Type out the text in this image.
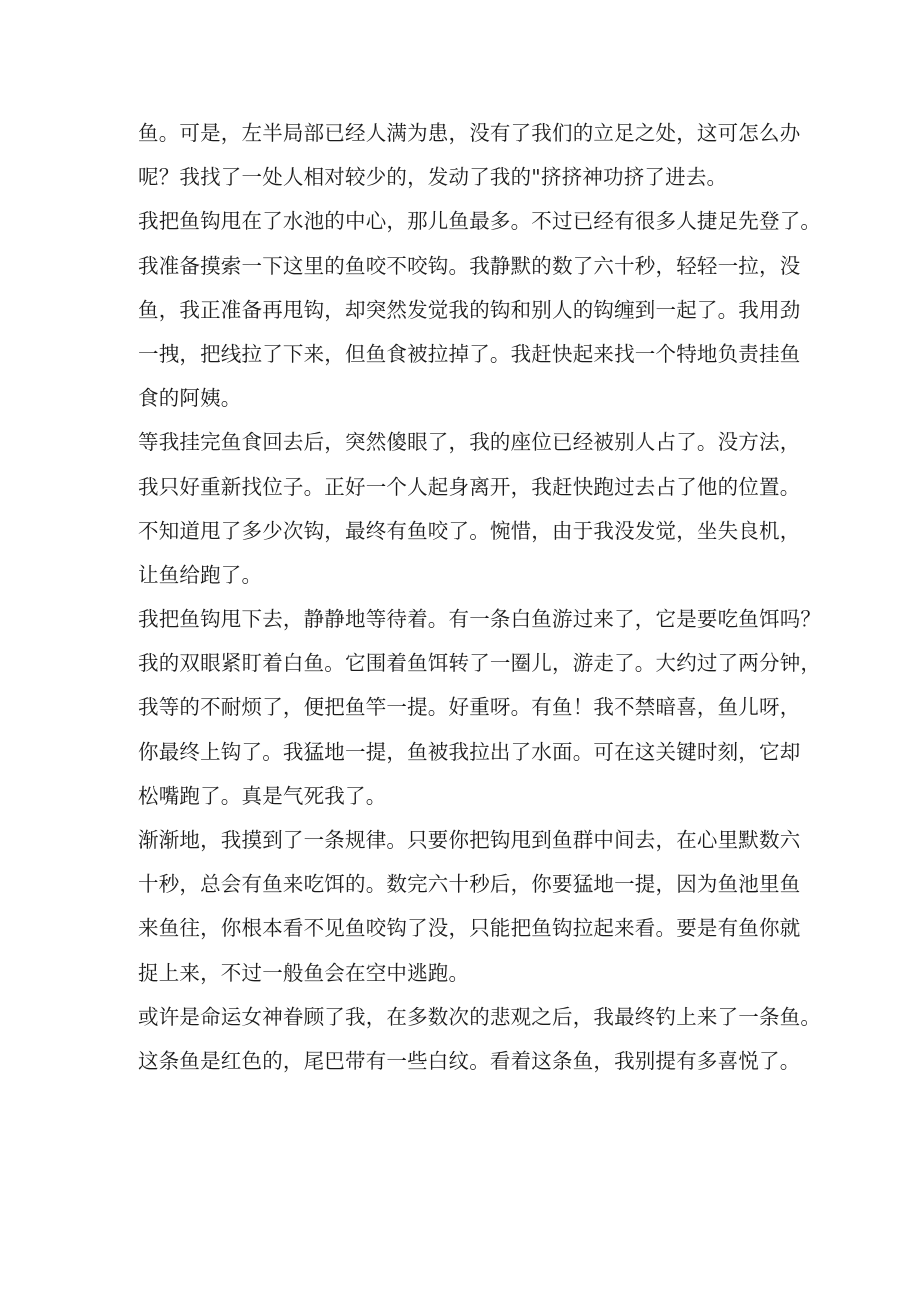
鱼。可是，左半局部已经人满为患，没有了我们的立足之处，这可怎么办
呢？我找了一处人相对较少的，发动了我的"挤挤神功挤了进去。
我把鱼钩甩在了水池的中心，那儿鱼最多。不过已经有很多人捷足先登了。
我准备摸索一下这里的鱼咬不咬钩。我静默的数了六十秒，轻轻一拉，没
鱼，我正准备再甩钩，却突然发觉我的钩和别人的钩缠到一起了。我用劲
一拽，把线拉了下来，但鱼食被拉掉了。我赶快起来找一个特地负责挂鱼
食的阿姨。
等我挂完鱼食回去后，突然傻眼了，我的座位已经被别人占了。没方法，
我只好重新找位子。正好一个人起身离开，我赶快跑过去占了他的位置。
不知道甩了多少次钩，最终有鱼咬了。惋惜，由于我没发觉，坐失良机，
让鱼给跑了。
我把鱼钩甩下去，静静地等待着。有一条白鱼游过来了，它是要吃鱼饵吗？
我的双眼紧盯着白鱼。它围着鱼饵转了一圈儿，游走了。大约过了两分钟，
我等的不耐烦了，便把鱼竿一提。好重呀。有鱼！我不禁暗喜，鱼儿呀，
你最终上钩了。我猛地一提，鱼被我拉出了水面。可在这关键时刻，它却
松嘴跑了。真是气死我了。
渐渐地，我摸到了一条规律。只要你把钩甩到鱼群中间去，在心里默数六
十秒，总会有鱼来吃饵的。数完六十秒后，你要猛地一提，因为鱼池里鱼
来鱼往，你根本看不见鱼咬钩了没，只能把鱼钩拉起来看。要是有鱼你就
捉上来，不过一般鱼会在空中逃跑。
或许是命运女神眷顾了我，在多数次的悲观之后，我最终钓上来了一条鱼。
这条鱼是红色的，尾巴带有一些白纹。看着这条鱼，我别提有多喜悦了。
